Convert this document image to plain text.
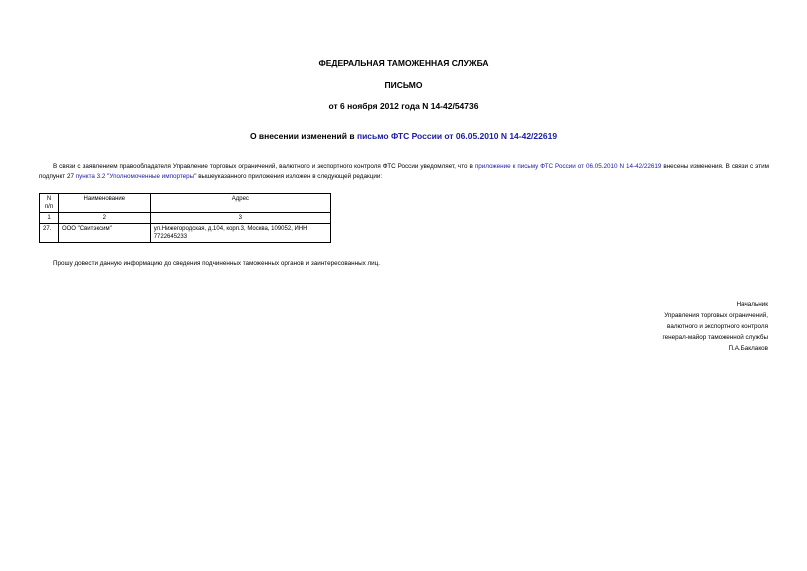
ФЕДЕРАЛЬНАЯ ТАМОЖЕННАЯ СЛУЖБА
ПИСЬМО
от 6 ноября 2012 года N 14-42/54736
О внесении изменений в письмо ФТС России от 06.05.2010 N 14-42/22619
В связи с заявлением правообладателя Управление торговых ограничений, валютного и экспортного контроля ФТС России уведомляет, что в приложение к письму ФТС России от 06.05.2010 N 14-42/22619 внесены изменения. В связи с этим подпункт 27 пункта 3.2 "Уполномоченные импортеры" вышеуказанного приложения изложен в следующей редакции:
N
п/п	Наименование	Адрес
1	2	3
27.	ООО "Свитэксим"	ул.Нижегородская, д.104, корп.3, Москва, 109052, ИНН 7722645233
Прошу довести данную информацию до сведения подчиненных таможенных органов и заинтересованных лиц.
Начальник
Управления торговых ограничений,
валютного и экспортного контроля
генерал-майор таможенной службы
П.А.Баклаков
